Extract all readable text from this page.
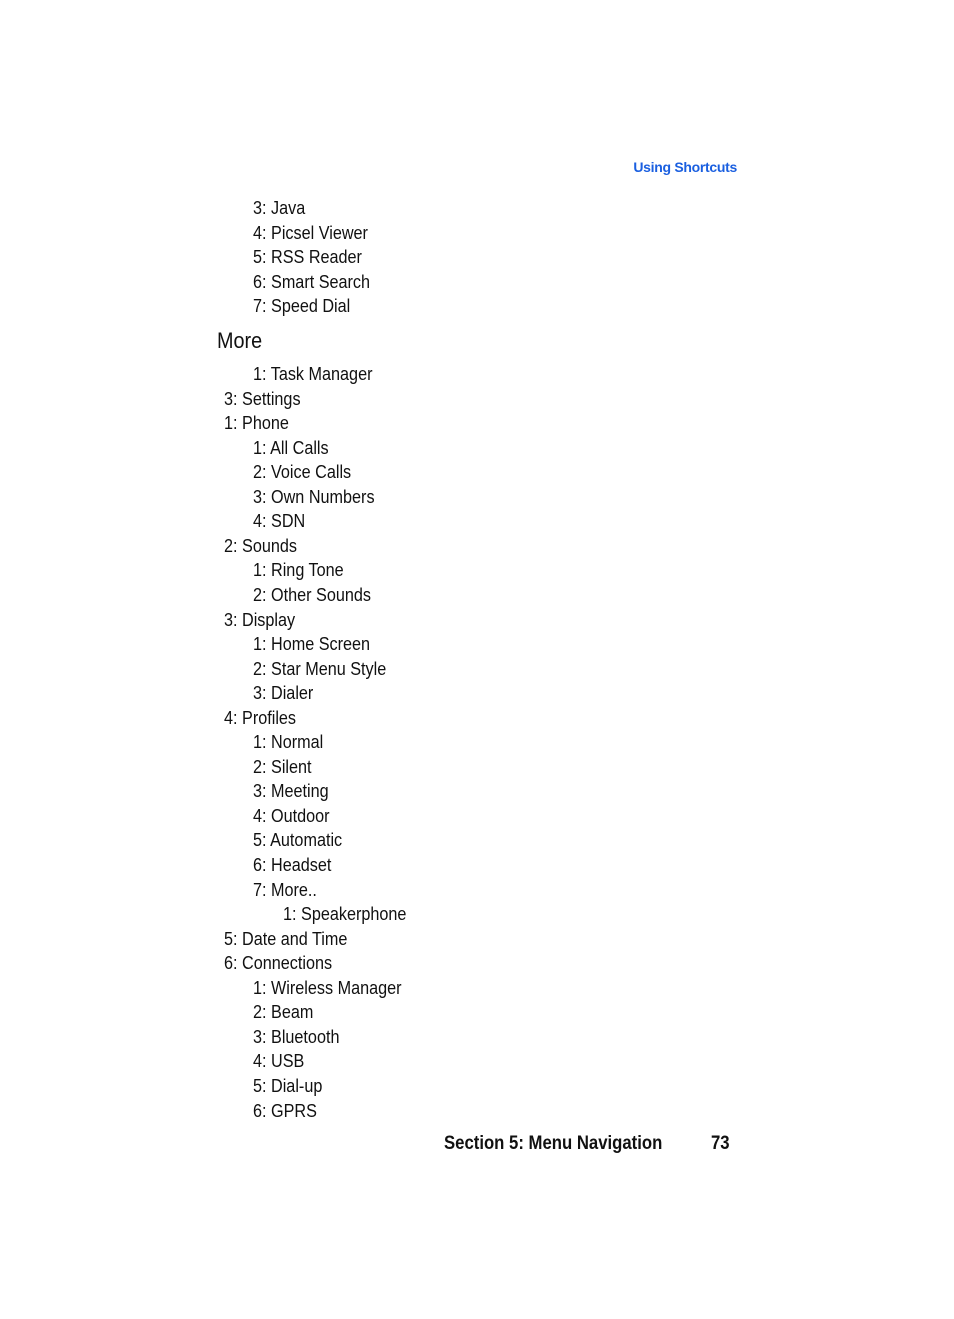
Using Shortcuts
3: Java
4: Picsel Viewer
5: RSS Reader
6: Smart Search
7: Speed Dial
More
1: Task Manager
3: Settings
1: Phone
1: All Calls
2: Voice Calls
3: Own Numbers
4: SDN
2: Sounds
1: Ring Tone
2: Other Sounds
3: Display
1: Home Screen
2: Star Menu Style
3: Dialer
4: Profiles
1: Normal
2: Silent
3: Meeting
4: Outdoor
5: Automatic
6: Headset
7: More..
1: Speakerphone
5: Date and Time
6: Connections
1: Wireless Manager
2: Beam
3: Bluetooth
4: USB
5: Dial-up
6: GPRS
Section 5: Menu Navigation	73
